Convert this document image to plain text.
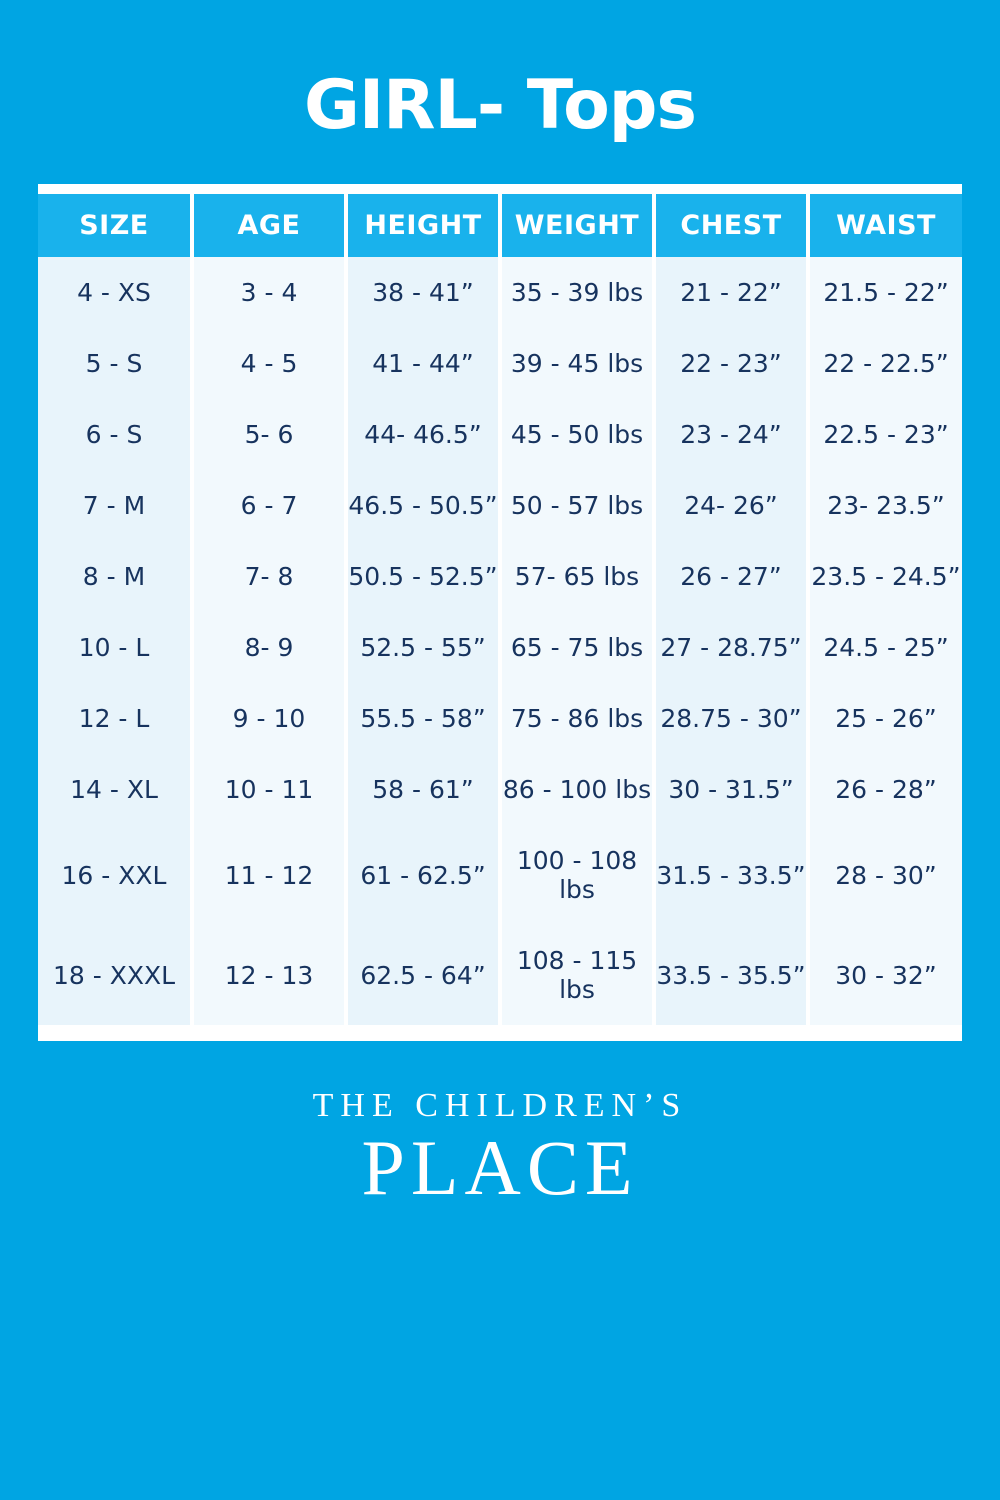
GIRL- Tops
SIZE	AGE	HEIGHT	WEIGHT	CHEST	WAIST
4 - XS	3 - 4	38 - 41”	35 - 39 lbs	21 - 22”	21.5 - 22”
5 - S	4 - 5	41 - 44”	39 - 45 lbs	22 - 23”	22 - 22.5”
6 - S	5- 6	44- 46.5”	45 - 50 lbs	23 - 24”	22.5 - 23”
7 - M	6 - 7	46.5 - 50.5”	50 - 57 lbs	24- 26”	23- 23.5”
8 - M	7- 8	50.5 - 52.5”	57- 65 lbs	26 - 27”	23.5 - 24.5”
10 - L	8- 9	52.5 - 55”	65 - 75 lbs	27 - 28.75”	24.5 - 25”
12 - L	9 - 10	55.5 - 58”	75 - 86 lbs	28.75 - 30”	25 - 26”
14 - XL	10 - 11	58 - 61”	86 - 100 lbs	30 - 31.5”	26 - 28”
16 - XXL	11 - 12	61 - 62.5”	100 - 108 lbs	31.5 - 33.5”	28 - 30”
18 - XXXL	12 - 13	62.5 - 64”	108 - 115 lbs	33.5 - 35.5”	30 - 32”
THE CHILDREN’S
PLACE
